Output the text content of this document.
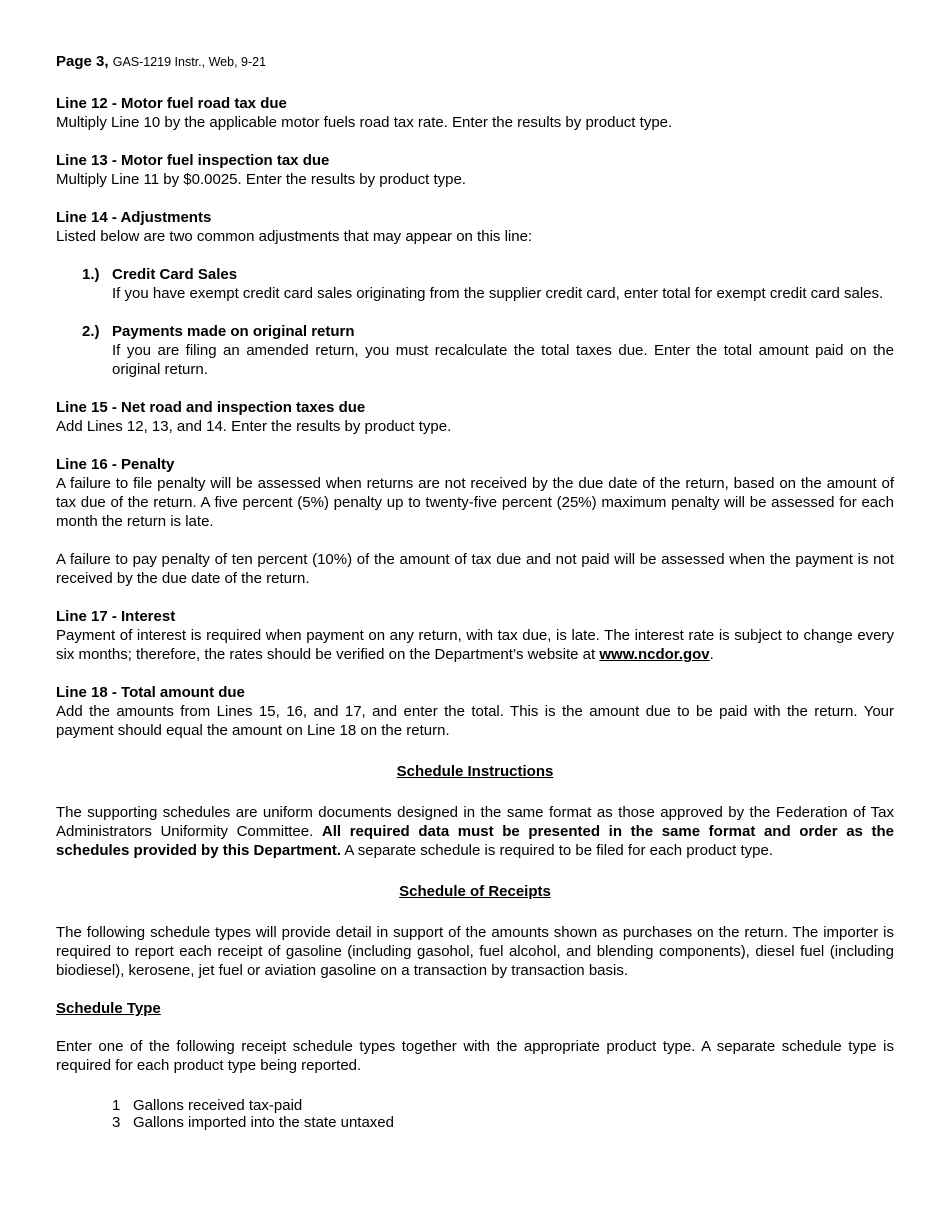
Page 3, GAS-1219 Instr., Web, 9-21
Line 12 - Motor fuel road tax due
Multiply Line 10 by the applicable motor fuels road tax rate. Enter the results by product type.
Line 13 - Motor fuel inspection tax due
Multiply Line 11 by $0.0025. Enter the results by product type.
Line 14 - Adjustments
Listed below are two common adjustments that may appear on this line:
1.) Credit Card Sales
If you have exempt credit card sales originating from the supplier credit card, enter total for exempt credit card sales.
2.) Payments made on original return
If you are filing an amended return, you must recalculate the total taxes due. Enter the total amount paid on the original return.
Line 15 - Net road and inspection taxes due
Add Lines 12, 13, and 14. Enter the results by product type.
Line 16 - Penalty
A failure to file penalty will be assessed when returns are not received by the due date of the return, based on the amount of tax due of the return. A five percent (5%) penalty up to twenty-five percent (25%) maximum penalty will be assessed for each month the return is late.
A failure to pay penalty of ten percent (10%) of the amount of tax due and not paid will be assessed when the payment is not received by the due date of the return.
Line 17 - Interest
Payment of interest is required when payment on any return, with tax due, is late. The interest rate is subject to change every six months; therefore, the rates should be verified on the Department’s website at www.ncdor.gov.
Line 18 - Total amount due
Add the amounts from Lines 15, 16, and 17, and enter the total. This is the amount due to be paid with the return. Your payment should equal the amount on Line 18 on the return.
Schedule Instructions
The supporting schedules are uniform documents designed in the same format as those approved by the Federation of Tax Administrators Uniformity Committee. All required data must be presented in the same format and order as the schedules provided by this Department. A separate schedule is required to be filed for each product type.
Schedule of Receipts
The following schedule types will provide detail in support of the amounts shown as purchases on the return. The importer is required to report each receipt of gasoline (including gasohol, fuel alcohol, and blending components), diesel fuel (including biodiesel), kerosene, jet fuel or aviation gasoline on a transaction by transaction basis.
Schedule Type
Enter one of the following receipt schedule types together with the appropriate product type. A separate schedule type is required for each product type being reported.
1 Gallons received tax-paid
3 Gallons imported into the state untaxed
